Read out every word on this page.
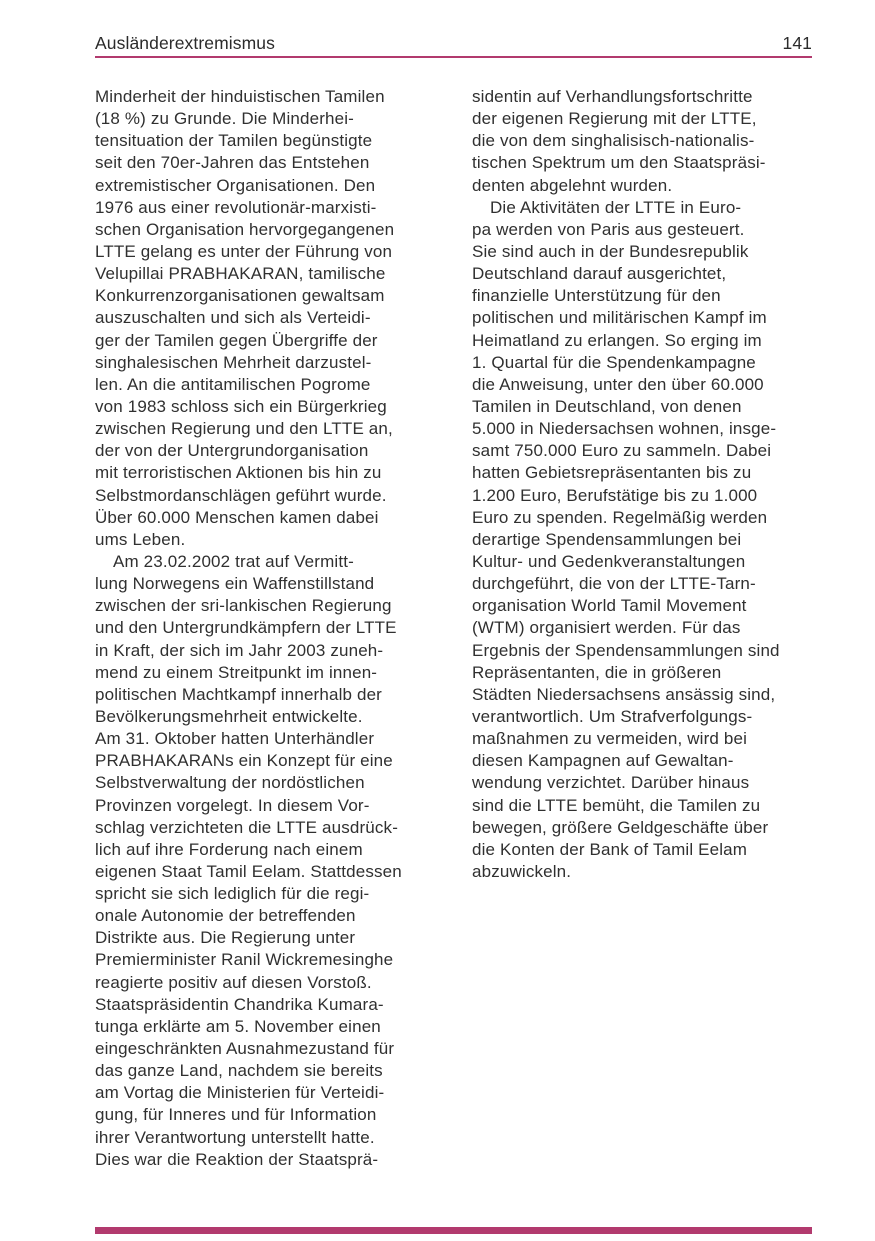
Ausländerextremismus	141
Minderheit der hinduistischen Tamilen
(18 %) zu Grunde. Die Minderhei-
tensituation der Tamilen begünstigte
seit den 70er-Jahren das Entstehen
extremistischer Organisationen. Den
1976 aus einer revolutionär-marxisti-
schen Organisation hervorgegangenen
LTTE gelang es unter der Führung von
Velupillai PRABHAKARAN, tamilische
Konkurrenzorganisationen gewaltsam
auszuschalten und sich als Verteidi-
ger der Tamilen gegen Übergriffe der
singhalesischen Mehrheit darzustel-
len. An die antitamilischen Pogrome
von 1983 schloss sich ein Bürgerkrieg
zwischen Regierung und den LTTE an,
der von der Untergrundorganisation
mit terroristischen Aktionen bis hin zu
Selbstmordanschlägen geführt wurde.
Über 60.000 Menschen kamen dabei
ums Leben.
Am 23.02.2002 trat auf Vermitt-
lung Norwegens ein Waffenstillstand
zwischen der sri-lankischen Regierung
und den Untergrundkämpfern der LTTE
in Kraft, der sich im Jahr 2003 zuneh-
mend zu einem Streitpunkt im innen-
politischen Machtkampf innerhalb der
Bevölkerungsmehrheit entwickelte.
Am 31. Oktober hatten Unterhändler
PRABHAKARANs ein Konzept für eine
Selbstverwaltung der nordöstlichen
Provinzen vorgelegt. In diesem Vor-
schlag verzichteten die LTTE ausdrück-
lich auf ihre Forderung nach einem
eigenen Staat Tamil Eelam. Stattdessen
spricht sie sich lediglich für die regi-
onale Autonomie der betreffenden
Distrikte aus. Die Regierung unter
Premierminister Ranil Wickremesinghe
reagierte positiv auf diesen Vorstoß.
Staatspräsidentin Chandrika Kumara-
tunga erklärte am 5. November einen
eingeschränkten Ausnahmezustand für
das ganze Land, nachdem sie bereits
am Vortag die Ministerien für Verteidi-
gung, für Inneres und für Information
ihrer Verantwortung unterstellt hatte.
Dies war die Reaktion der Staatsprä-
sidentin auf Verhandlungsfortschritte
der eigenen Regierung mit der LTTE,
die von dem singhalisisch-nationalis-
tischen Spektrum um den Staatspräsi-
denten abgelehnt wurden.
Die Aktivitäten der LTTE in Euro-
pa werden von Paris aus gesteuert.
Sie sind auch in der Bundesrepublik
Deutschland darauf ausgerichtet,
finanzielle Unterstützung für den
politischen und militärischen Kampf im
Heimatland zu erlangen. So erging im
1. Quartal für die Spendenkampagne
die Anweisung, unter den über 60.000
Tamilen in Deutschland, von denen
5.000 in Niedersachsen wohnen, insge-
samt 750.000 Euro zu sammeln. Dabei
hatten Gebietsrepräsentanten bis zu
1.200 Euro, Berufstätige bis zu 1.000
Euro zu spenden. Regelmäßig werden
derartige Spendensammlungen bei
Kultur- und Gedenkveranstaltungen
durchgeführt, die von der LTTE-Tarn-
organisation World Tamil Movement
(WTM) organisiert werden. Für das
Ergebnis der Spendensammlungen sind
Repräsentanten, die in größeren
Städten Niedersachsens ansässig sind,
verantwortlich. Um Strafverfolgungs-
maßnahmen zu vermeiden, wird bei
diesen Kampagnen auf Gewaltan-
wendung verzichtet. Darüber hinaus
sind die LTTE bemüht, die Tamilen zu
bewegen, größere Geldgeschäfte über
die Konten der Bank of Tamil Eelam
abzuwickeln.
